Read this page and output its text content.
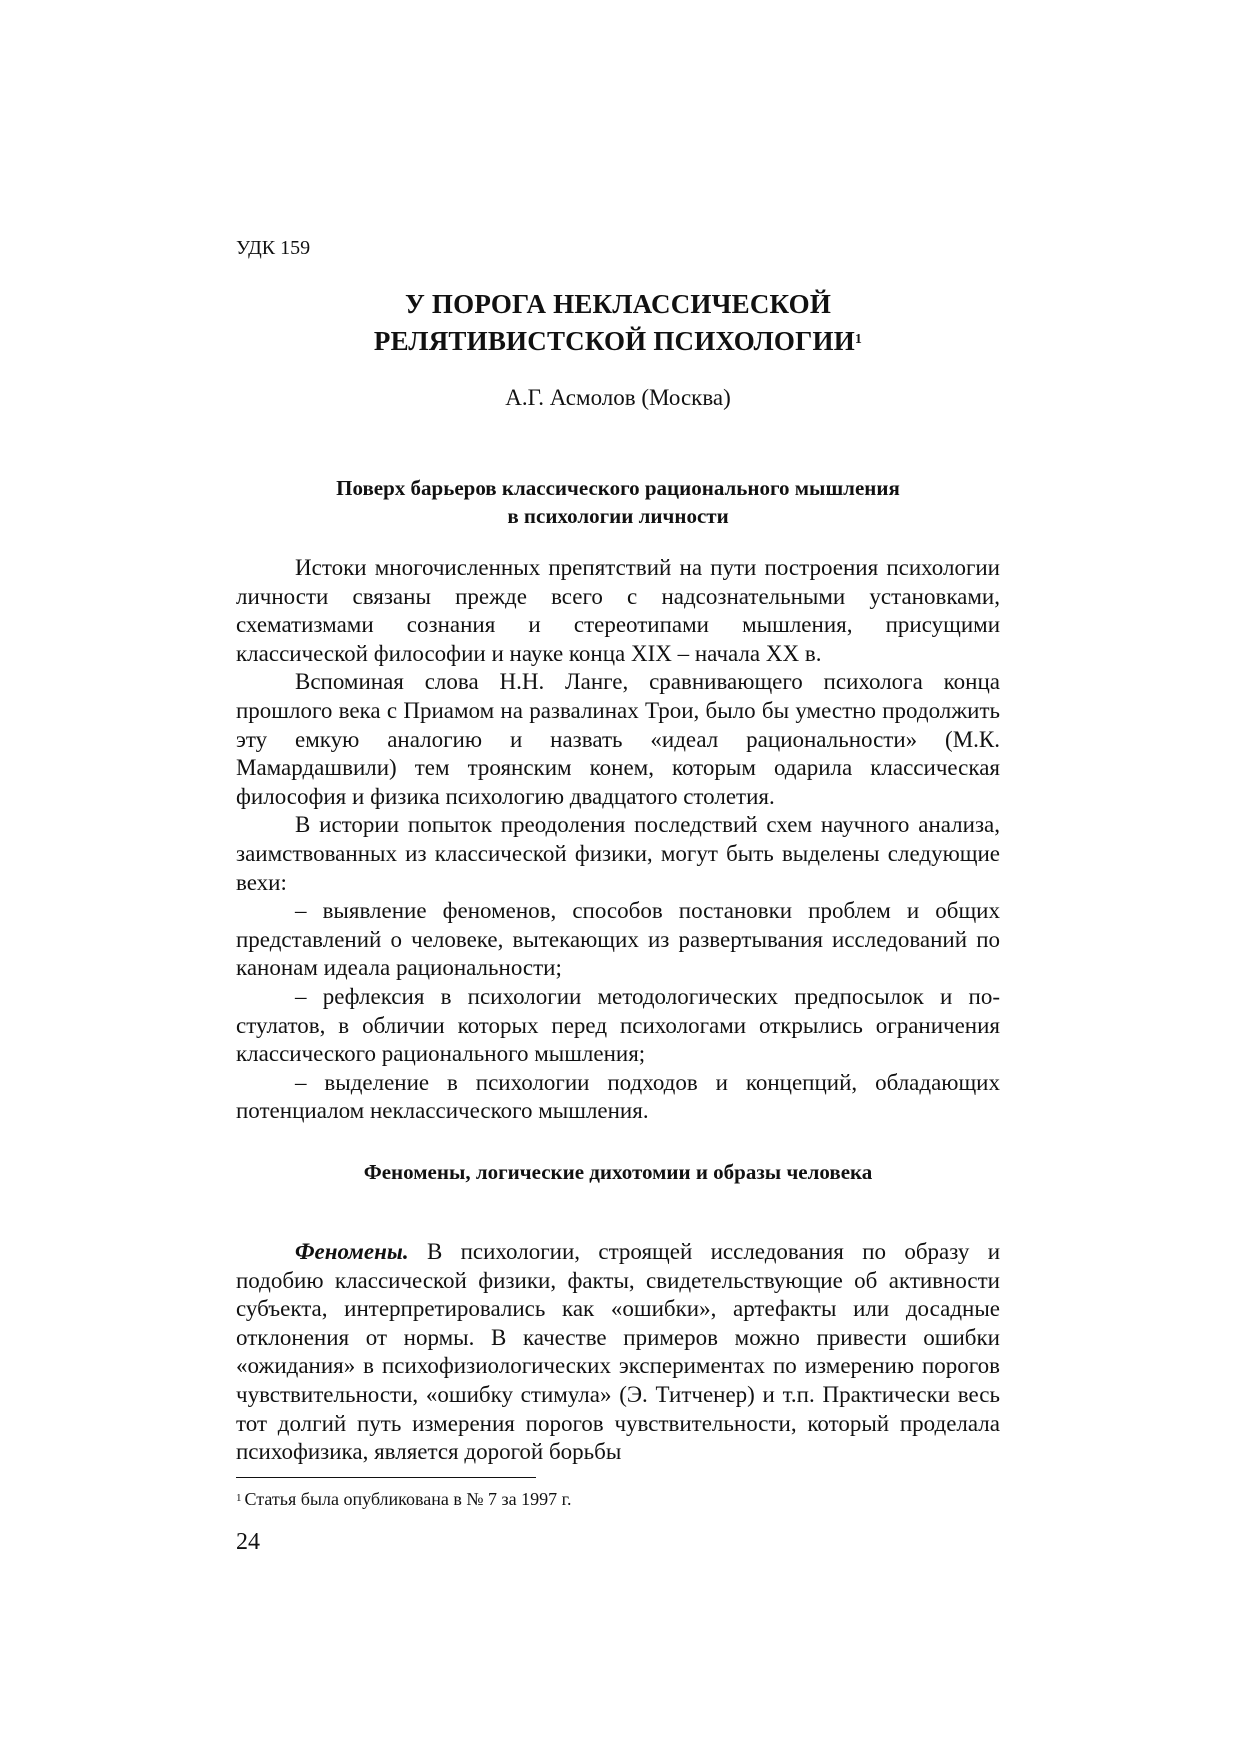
УДК 159
У ПОРОГА НЕКЛАССИЧЕСКОЙ
РЕЛЯТИВИСТСКОЙ ПСИХОЛОГИИ$^1$
А.Г. Асмолов (Москва)
Поверх барьеров классического рационального мышления
в психологии личности

Истоки многочисленных препятствий на пути построения психологии личности связаны прежде всего с надсознательными установками, схематизмами сознания и стереотипами мышления, присущими классической философии и науке конца XIX – начала XX в.

Вспоминая слова Н.Н. Ланге, сравнивающего психолога конца прошлого века с Приамом на развалинах Трои, было бы уместно продолжить эту емкую аналогию и назвать «идеал рациональности» (М.К. Мамардашвили) тем троянским конем, которым одарила классическая философия и физика психологию двадцатого столетия.

В истории попыток преодоления последствий схем научного анализа, заимствованных из классической физики, могут быть выделены следующие вехи:

– выявление феноменов, способов постановки проблем и общих представлений о человеке, вытекающих из развертывания исследований по канонам идеала рациональности;

– рефлексия в психологии методологических предпосылок и постулатов, в обличии которых перед психологами открылись ограничения классического рационального мышления;

– выделение в психологии подходов и концепций, обладающих потенциалом неклассического мышления.

Феномены, логические дихотомии и образы человека

Феномены. В психологии, строящей исследования по образу и подобию классической физики, факты, свидетельствующие об активности субъекта, интерпретировались как «ошибки», артефакты или досадные отклонения от нормы. В качестве примеров можно привести ошибки «ожидания» в психофизиологических экспериментах по измерению порогов чувствительности, «ошибку стимула» (Э. Титченер) и т.п. Практически весь тот долгий путь измерения порогов чувствительности, который проделала психофизика, является дорогой борьбы

$^1$ Статья была опубликована в № 7 за 1997 г.
24
